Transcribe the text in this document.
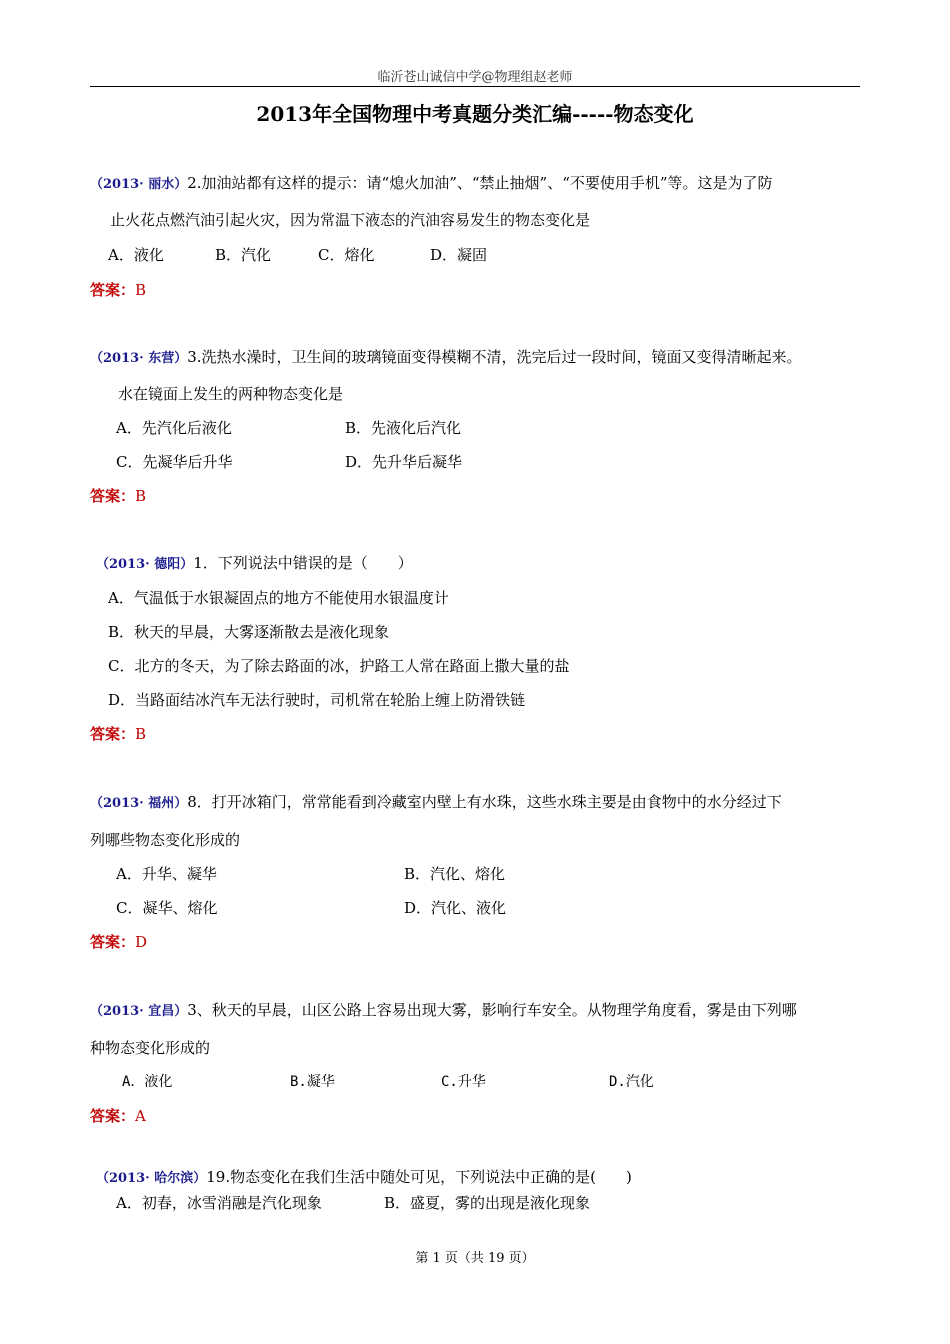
临沂苍山诚信中学@物理组赵老师
2013年全国物理中考真题分类汇编-----物态变化
（2013· 丽水）2.加油站都有这样的提示：请“熄火加油”、“禁止抽烟”、“不要使用手机”等。这是为了防
止火花点燃汽油引起火灾，因为常温下液态的汽油容易发生的物态变化是
A．液化	B．汽化	C．熔化	D．凝固
答案：B
（2013· 东营）3.洗热水澡时，卫生间的玻璃镜面变得模糊不清，洗完后过一段时间，镜面又变得清晰起来。
水在镜面上发生的两种物态变化是
A．先汽化后液化	B．先液化后汽化
C．先凝华后升华	D．先升华后凝华
答案：B
（2013· 德阳）1．下列说法中错误的是（　　）
A．气温低于水银凝固点的地方不能使用水银温度计
B．秋天的早晨，大雾逐渐散去是液化现象
C．北方的冬天，为了除去路面的冰，护路工人常在路面上撒大量的盐
D．当路面结冰汽车无法行驶时，司机常在轮胎上缠上防滑铁链
答案：B
（2013· 福州）8．打开冰箱门，常常能看到冷藏室内壁上有水珠，这些水珠主要是由食物中的水分经过下
列哪些物态变化形成的
A．升华、凝华	B．汽化、熔化
C．凝华、熔化	D．汽化、液化
答案：D
（2013· 宜昌）3、秋天的早晨，山区公路上容易出现大雾，影响行车安全。从物理学角度看，雾是由下列哪
种物态变化形成的
A．液化	B.凝华	C.升华	D.汽化
答案：A
（2013· 哈尔滨）19.物态变化在我们生活中随处可见，下列说法中正确的是(　　)
A．初春，冰雪消融是汽化现象	B．盛夏，雾的出现是液化现象
第 1 页（共 19 页）
